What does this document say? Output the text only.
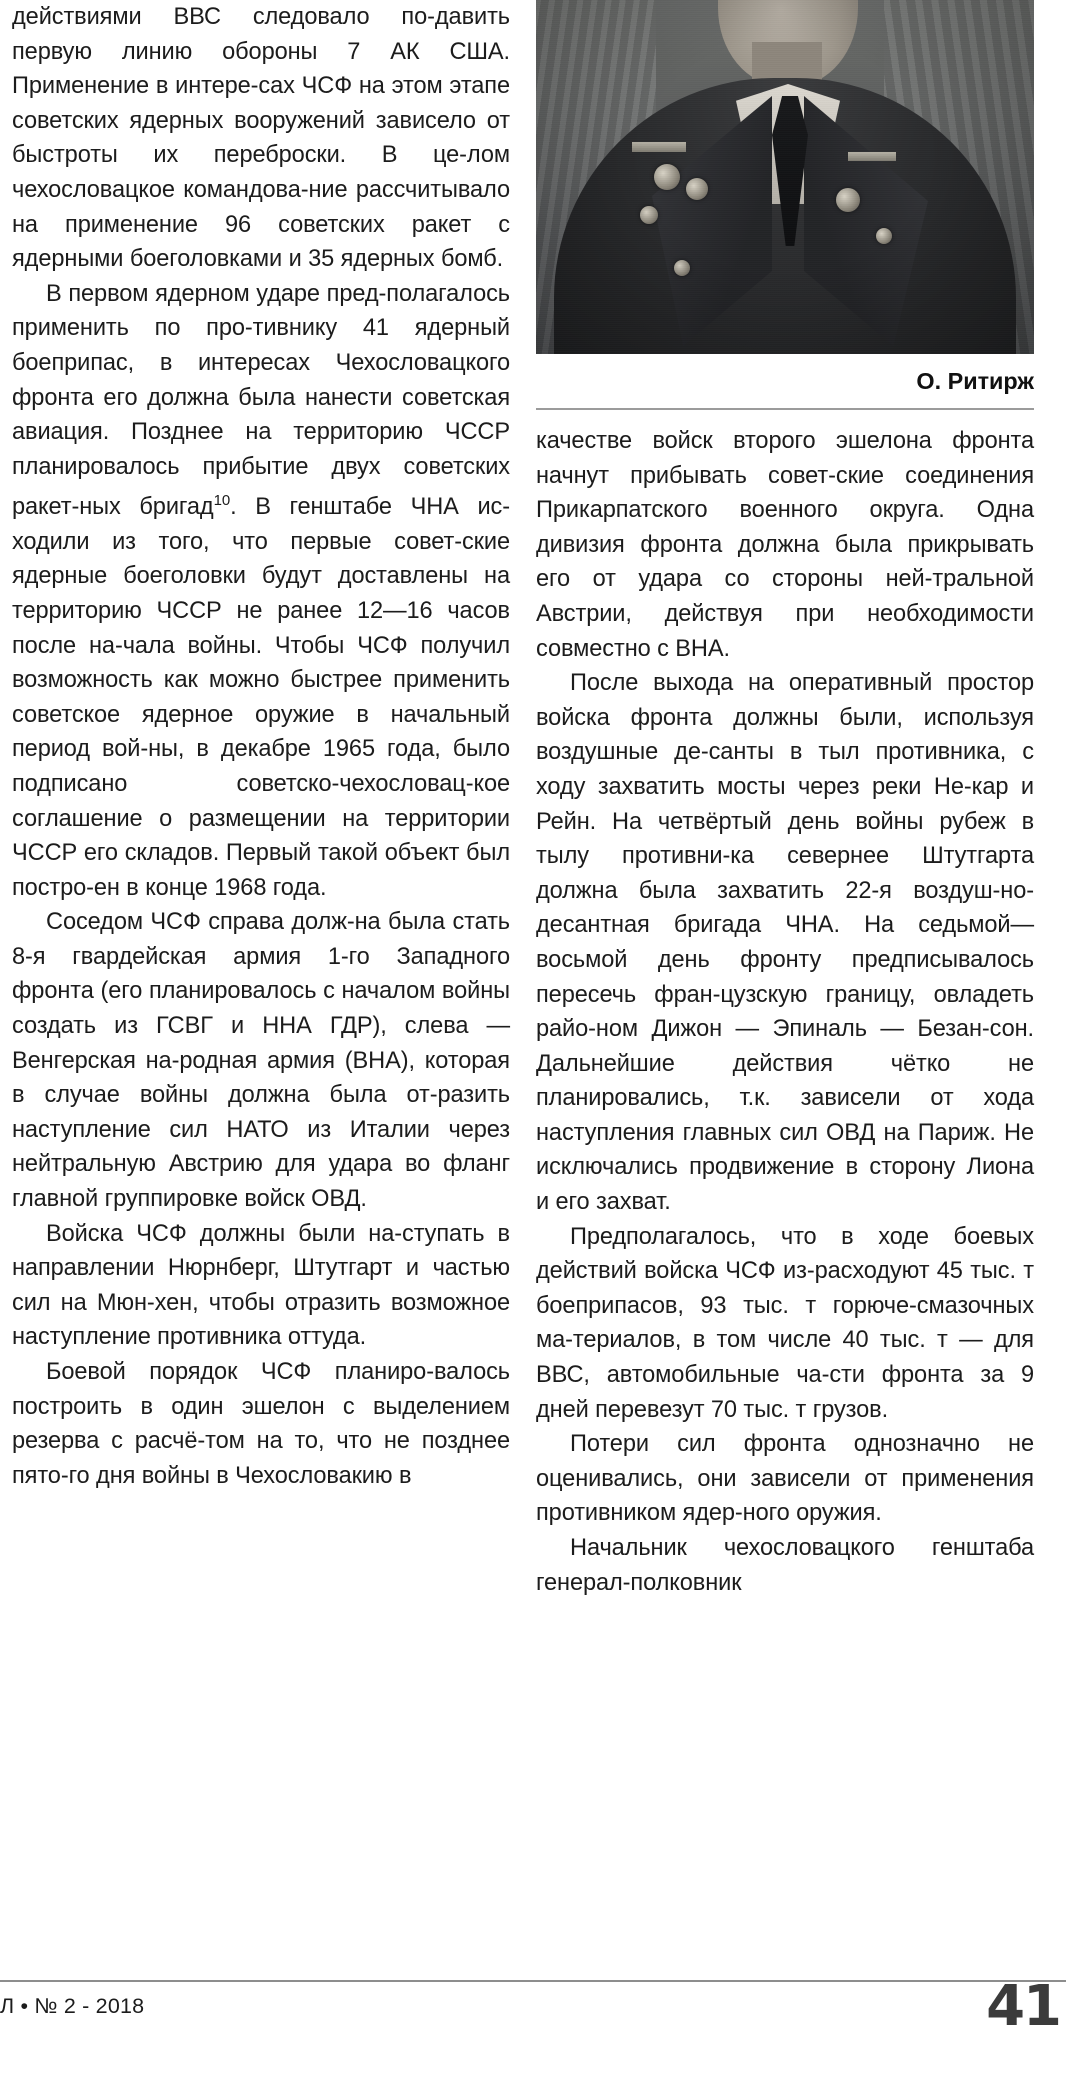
действиями ВВС следовало по-давить первую линию обороны 7 АК США. Применение в интере-сах ЧСФ на этом этапе советских ядерных вооружений зависело от быстроты их переброски. В це-лом чехословацкое командова-ние рассчитывало на применение 96 советских ракет с ядерными боеголовками и 35 ядерных бомб.

В первом ядерном ударе пред-полагалось применить по про-тивнику 41 ядерный боеприпас, в интересах Чехословацкого фронта его должна была нанести советская авиация. Позднее на территорию ЧССР планировалось прибытие двух советских ракет-ных бригад$^{10}$. В генштабе ЧНА ис-ходили из того, что первые совет-ские ядерные боеголовки будут доставлены на территорию ЧССР не ранее 12—16 часов после на-чала войны. Чтобы ЧСФ получил возможность как можно быстрее применить советское ядерное оружие в начальный период вой-ны, в декабре 1965 года, было подписано советско-чехословац-кое соглашение о размещении на территории ЧССР его складов. Первый такой объект был постро-ен в конце 1968 года.

Соседом ЧСФ справа долж-на была стать 8-я гвардейская армия 1-го Западного фронта (его планировалось с началом войны создать из ГСВГ и ННА ГДР), слева — Венгерская на-родная армия (ВНА), которая в случае войны должна была от-разить наступление сил НАТО из Италии через нейтральную Австрию для удара во фланг главной группировке войск ОВД.

Войска ЧСФ должны были на-ступать в направлении Нюрнберг, Штутгарт и частью сил на Мюн-хен, чтобы отразить возможное наступление противника оттуда.

Боевой порядок ЧСФ планиро-валось построить в один эшелон с выделением резерва с расчё-том на то, что не позднее пято-го дня войны в Чехословакию в

О. Ритирж

качестве войск второго эшелона фронта начнут прибывать совет-ские соединения Прикарпатского военного округа. Одна дивизия фронта должна была прикрывать его от удара со стороны ней-тральной Австрии, действуя при необходимости совместно с ВНА.

После выхода на оперативный простор войска фронта должны были, используя воздушные де-санты в тыл противника, с ходу захватить мосты через реки Не-кар и Рейн. На четвёртый день войны рубеж в тылу противни-ка севернее Штутгарта должна была захватить 22-я воздуш-но-десантная бригада ЧНА. На седьмой—восьмой день фронту предписывалось пересечь фран-цузскую границу, овладеть райо-ном Дижон — Эпиналь — Безан-сон. Дальнейшие действия чётко не планировались, т.к. зависели от хода наступления главных сил ОВД на Париж. Не исключались продвижение в сторону Лиона и его захват.

Предполагалось, что в ходе боевых действий войска ЧСФ из-расходуют 45 тыс. т боеприпасов, 93 тыс. т горюче-смазочных ма-териалов, в том числе 40 тыс. т — для ВВС, автомобильные ча-сти фронта за 9 дней перевезут 70 тыс. т грузов.

Потери сил фронта однозначно не оценивались, они зависели от применения противником ядер-ного оружия.

Начальник чехословацкого генштаба генерал-полковник

Л • № 2 - 2018	41
